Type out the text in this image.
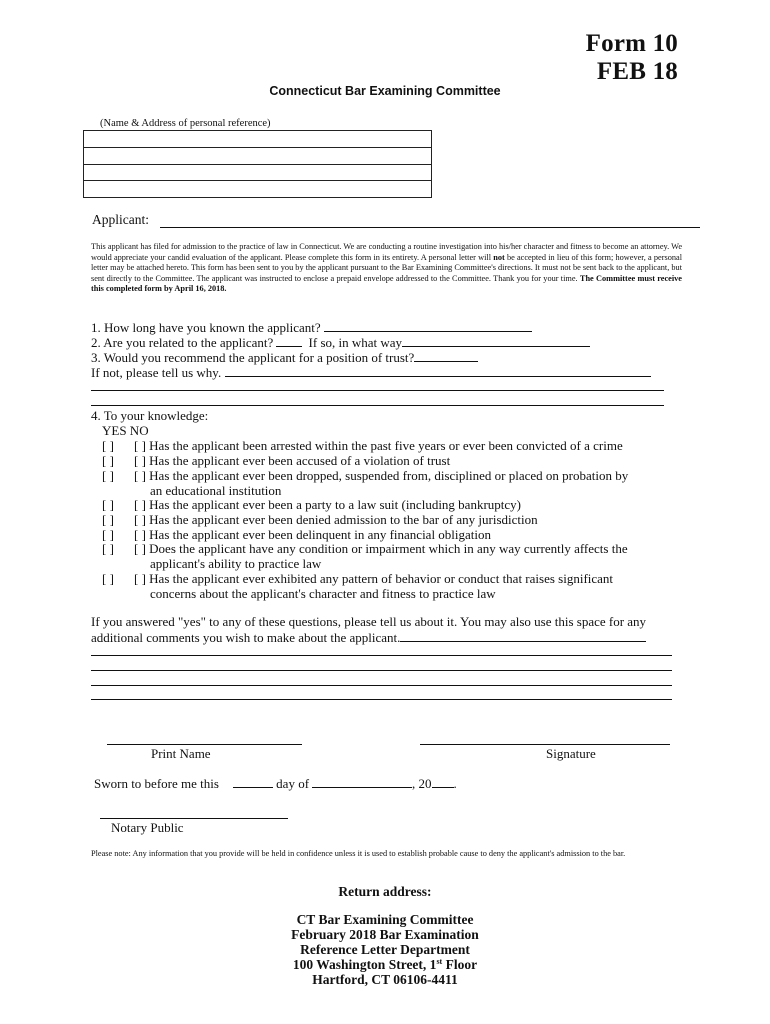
Form 10
FEB 18
Connecticut Bar Examining Committee
(Name & Address of personal reference)
Applicant:
This applicant has filed for admission to the practice of law in Connecticut. We are conducting a routine investigation into his/her character and fitness to become an attorney. We would appreciate your candid evaluation of the applicant. Please complete this form in its entirety. A personal letter will not be accepted in lieu of this form; however, a personal letter may be attached hereto. This form has been sent to you by the applicant pursuant to the Bar Examining Committee's directions. It must not be sent back to the applicant, but sent directly to the Committee. The applicant was instructed to enclose a prepaid envelope addressed to the Committee. Thank you for your time. The Committee must receive this completed form by April 16, 2018.
1. How long have you known the applicant?
2. Are you related to the applicant?	If so, in what way
3. Would you recommend the applicant for a position of trust?
If not, please tell us why.
4. To your knowledge:
YES NO
[ ] [ ] Has the applicant been arrested within the past five years or ever been convicted of a crime
[ ] [ ] Has the applicant ever been accused of a violation of trust
[ ] [ ] Has the applicant ever been dropped, suspended from, disciplined or placed on probation by
an educational institution
[ ] [ ] Has the applicant ever been a party to a law suit (including bankruptcy)
[ ] [ ] Has the applicant ever been denied admission to the bar of any jurisdiction
[ ] [ ] Has the applicant ever been delinquent in any financial obligation
[ ] [ ] Does the applicant have any condition or impairment which in any way currently affects the
applicant's ability to practice law
[ ] [ ] Has the applicant ever exhibited any pattern of behavior or conduct that raises significant
concerns about the applicant's character and fitness to practice law
If you answered "yes" to any of these questions, please tell us about it. You may also use this space for any
additional comments you wish to make about the applicant.
Print Name	Signature
Sworn to before me this	day of	, 20 .
Notary Public
Please note: Any information that you provide will be held in confidence unless it is used to establish probable cause to deny the applicant's admission to the bar.
Return address:
CT Bar Examining Committee
February 2018 Bar Examination
Reference Letter Department
100 Washington Street, 1st Floor
Hartford, CT 06106-4411
